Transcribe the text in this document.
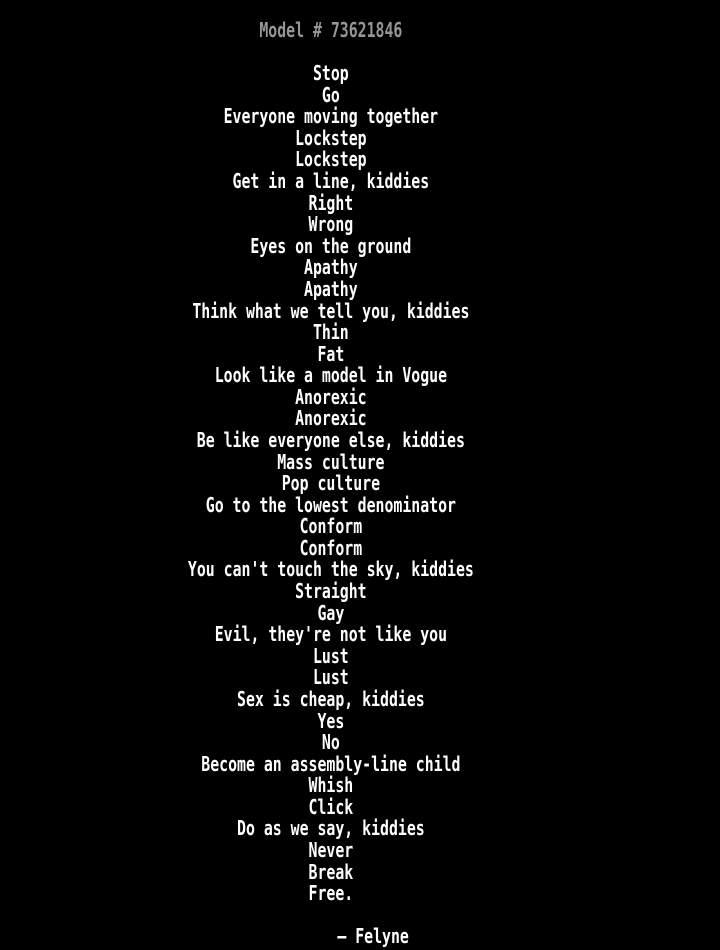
Model # 73621846
Stop
Go
Everyone moving together
Lockstep
Lockstep
Get in a line, kiddies
Right
Wrong
Eyes on the ground
Apathy
Apathy
Think what we tell you, kiddies
Thin
Fat
Look like a model in Vogue
Anorexic
Anorexic
Be like everyone else, kiddies
Mass culture
Pop culture
Go to the lowest denominator
Conform
Conform
You can't touch the sky, kiddies
Straight
Gay
Evil, they're not like you
Lust
Lust
Sex is cheap, kiddies
Yes
No
Become an assembly-line child
Whish
Click
Do as we say, kiddies
Never
Break
Free.
– Felyne
